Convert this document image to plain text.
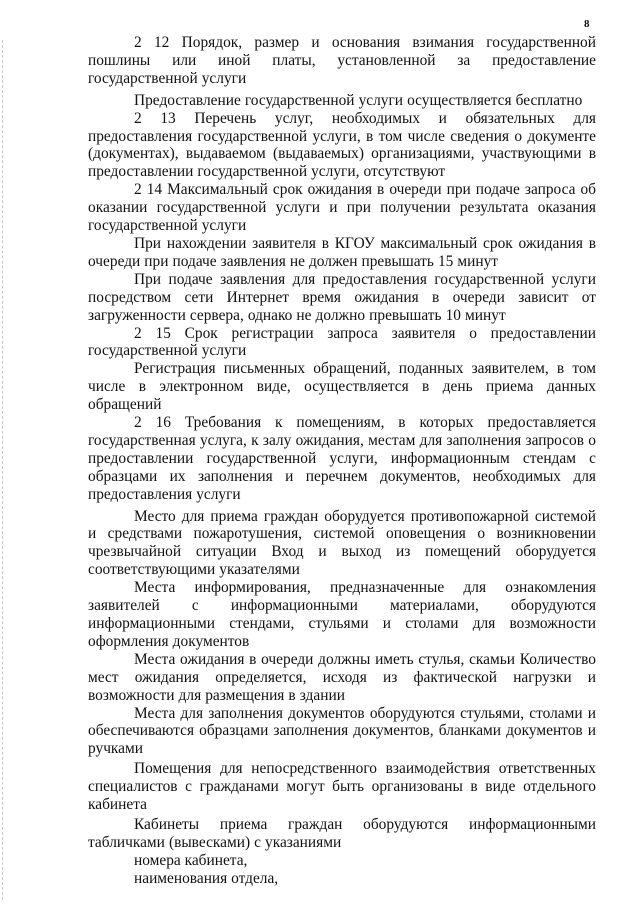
8

2 12 Порядок, размер и основания взимания государственной пошлины или иной платы, установленной за предоставление государственной услуги

Предоставление государственной услуги осуществляется бесплатно

2 13 Перечень услуг, необходимых и обязательных для предоставления государственной услуги, в том числе сведения о документе (документах), выдаваемом (выдаваемых) организациями, участвующими в предоставлении государственной услуги, отсутствуют

2 14 Максимальный срок ожидания в очереди при подаче запроса об оказании государственной услуги и при получении результата оказания государственной услуги

При нахождении заявителя в КГОУ максимальный срок ожидания в очереди при подаче заявления не должен превышать 15 минут

При подаче заявления для предоставления государственной услуги посредством сети Интернет время ожидания в очереди зависит от загруженности сервера, однако не должно превышать 10 минут

2 15 Срок регистрации запроса заявителя о предоставлении государственной услуги

Регистрация письменных обращений, поданных заявителем, в том числе в электронном виде, осуществляется в день приема данных обращений

2 16 Требования к помещениям, в которых предоставляется государственная услуга, к залу ожидания, местам для заполнения запросов о предоставлении государственной услуги, информационным стендам с образцами их заполнения и перечнем документов, необходимых для предоставления услуги

Место для приема граждан оборудуется противопожарной системой и средствами пожаротушения, системой оповещения о возникновении чрезвычайной ситуации Вход и выход из помещений оборудуется соответствующими указателями

Места информирования, предназначенные для ознакомления заявителей с информационными материалами, оборудуются информационными стендами, стульями и столами для возможности оформления документов

Места ожидания в очереди должны иметь стулья, скамьи Количество мест ожидания определяется, исходя из фактической нагрузки и возможности для размещения в здании

Места для заполнения документов оборудуются стульями, столами и обеспечиваются образцами заполнения документов, бланками документов и ручками

Помещения для непосредственного взаимодействия ответственных специалистов с гражданами могут быть организованы в виде отдельного кабинета

Кабинеты приема граждан оборудуются информационными табличками (вывесками) с указаниями

номера кабинета,
наименования отдела,
